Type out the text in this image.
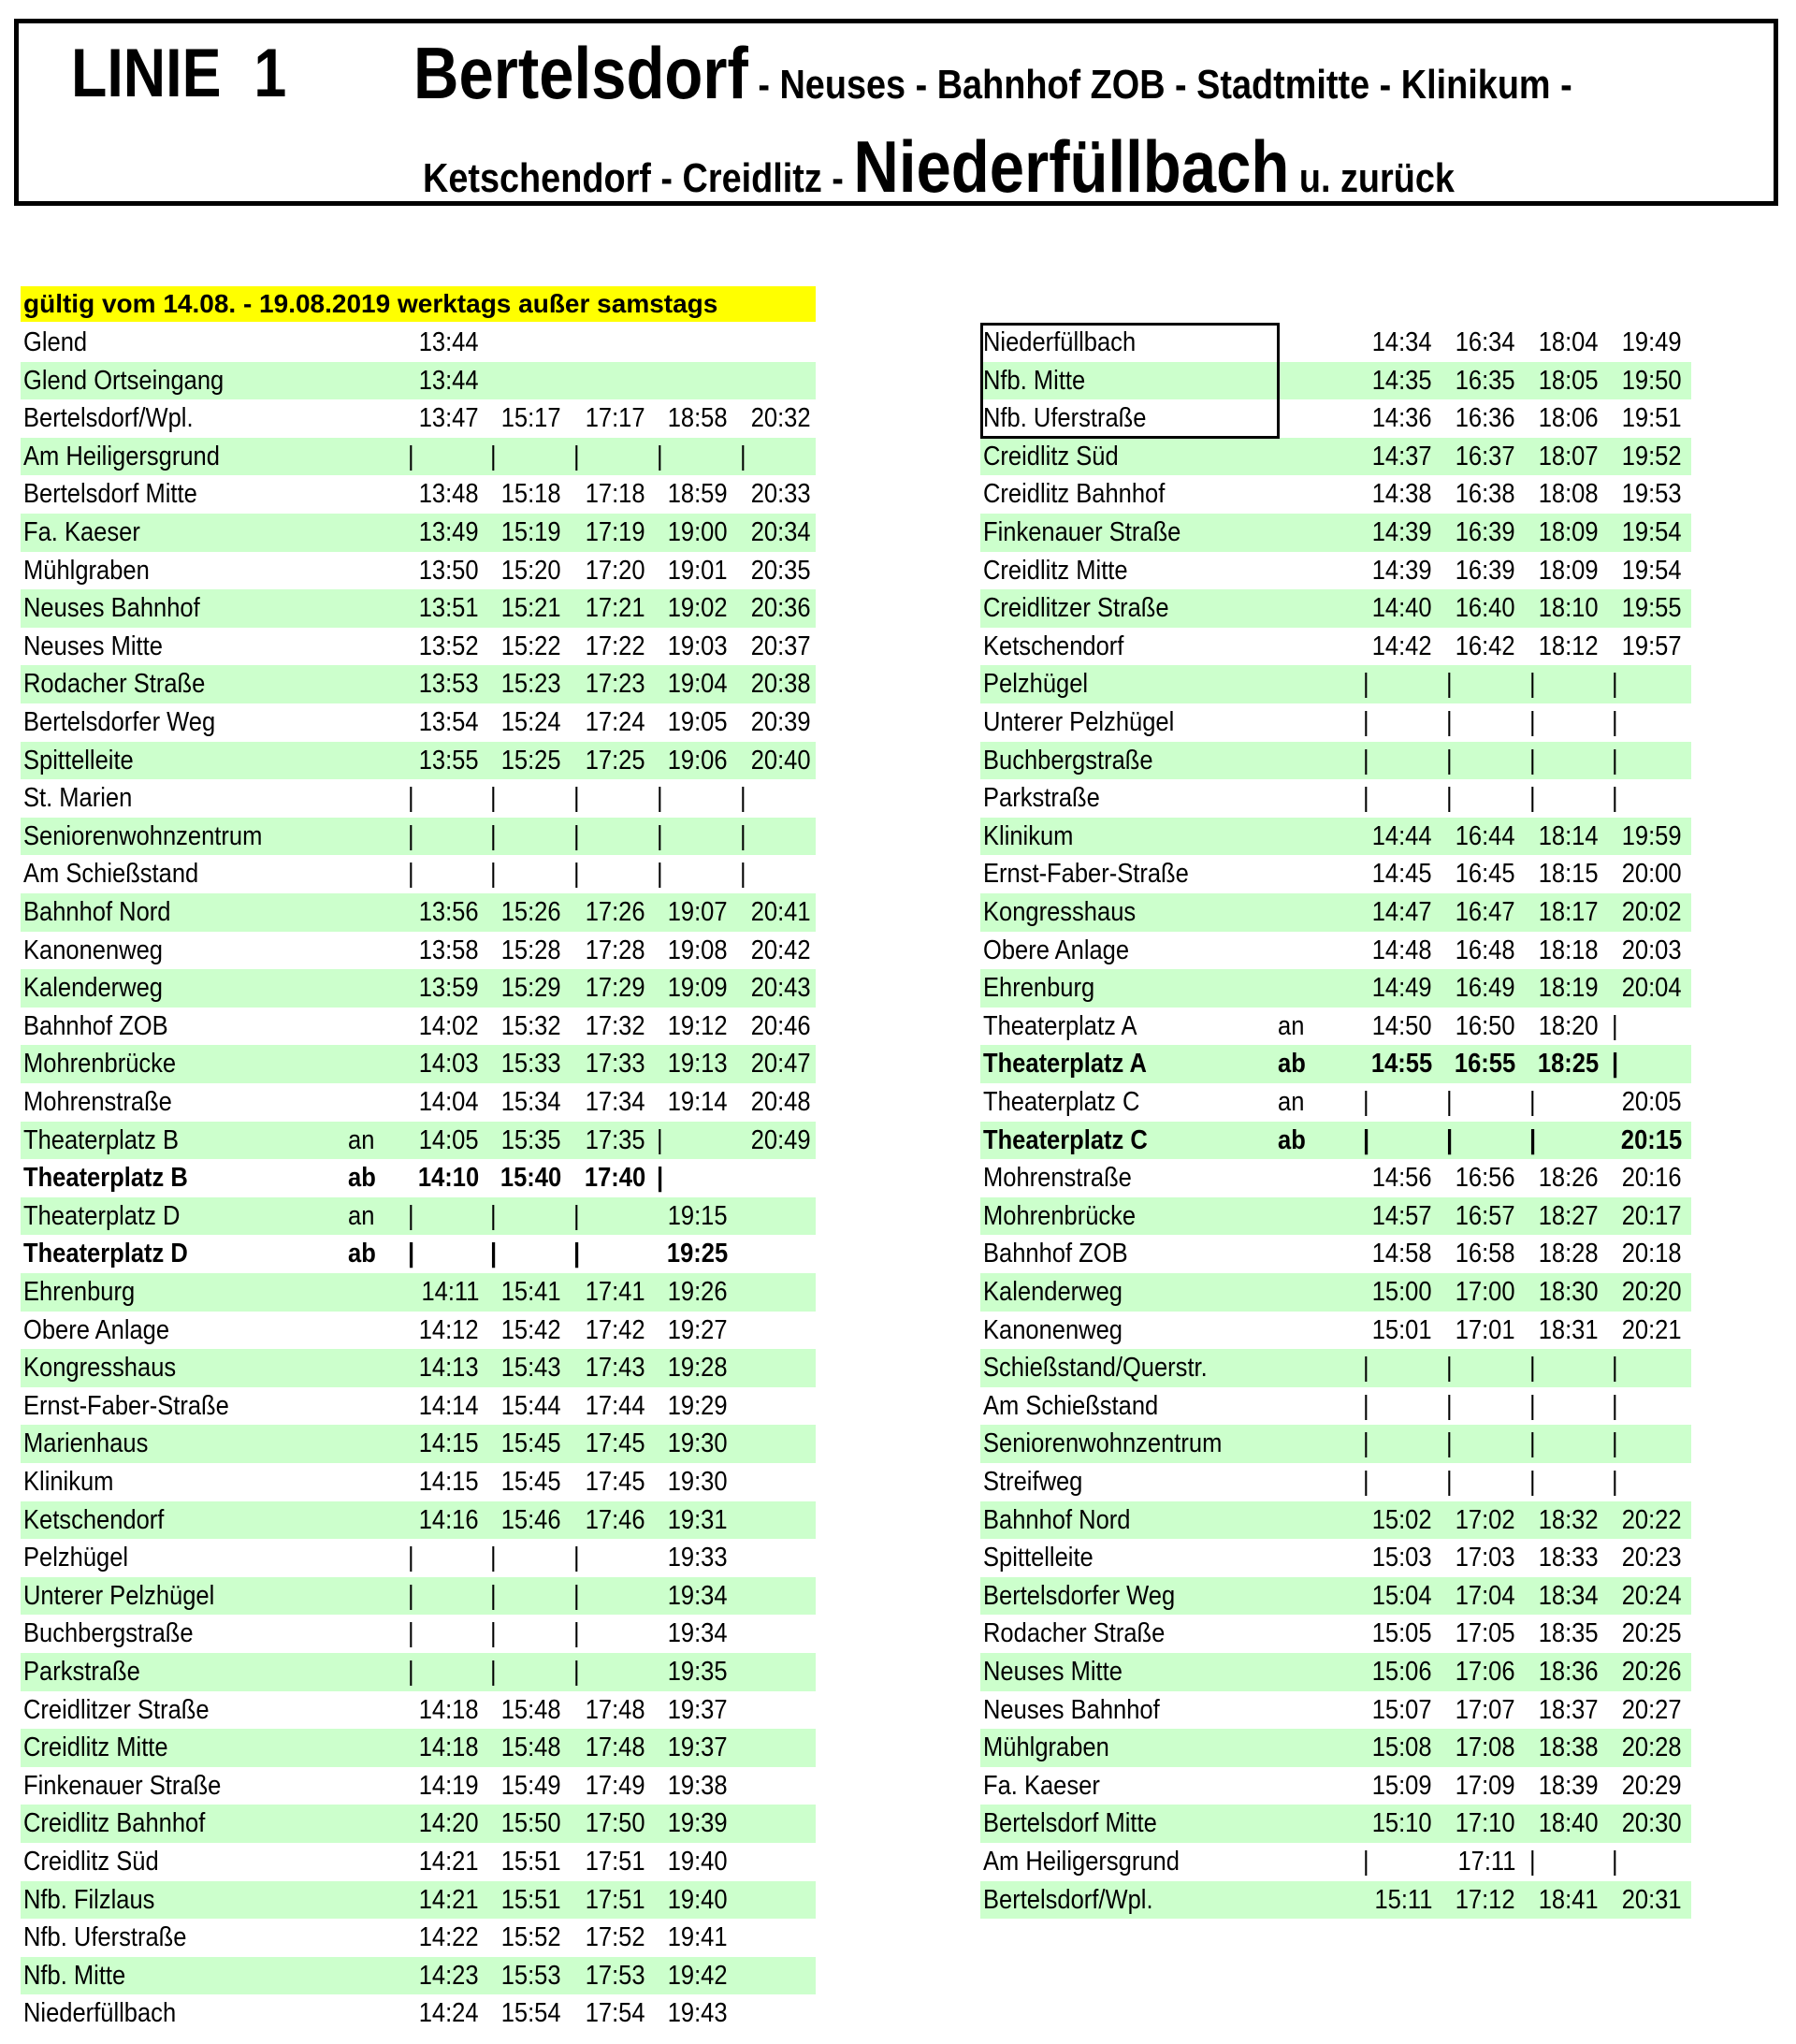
LINIE  1 Bertelsdorf - Neuses - Bahnhof ZOB - Stadtmitte - Klinikum -
Ketschendorf - Creidlitz - Niederfüllbach u. zurück
gültig vom 14.08. - 19.08.2019 werktags außer samstags
Glend	13:44
Glend Ortseingang	13:44
Bertelsdorf/Wpl.	13:47 15:17 17:17 18:58 20:32
Am Heiligersgrund	|	|	|	|	|
Bertelsdorf Mitte	13:48 15:18 17:18 18:59 20:33
Fa. Kaeser	13:49 15:19 17:19 19:00 20:34
Mühlgraben	13:50 15:20 17:20 19:01 20:35
Neuses Bahnhof	13:51 15:21 17:21 19:02 20:36
Neuses Mitte	13:52 15:22 17:22 19:03 20:37
Rodacher Straße	13:53 15:23 17:23 19:04 20:38
Bertelsdorfer Weg	13:54 15:24 17:24 19:05 20:39
Spittelleite	13:55 15:25 17:25 19:06 20:40
St. Marien	|	|	|	|	|
Seniorenwohnzentrum	|	|	|	|	|
Am Schießstand	|	|	|	|	|
Bahnhof Nord	13:56 15:26 17:26 19:07 20:41
Kanonenweg	13:58 15:28 17:28 19:08 20:42
Kalenderweg	13:59 15:29 17:29 19:09 20:43
Bahnhof ZOB	14:02 15:32 17:32 19:12 20:46
Mohrenbrücke	14:03 15:33 17:33 19:13 20:47
Mohrenstraße	14:04 15:34 17:34 19:14 20:48
Theaterplatz B	an 14:05 15:35 17:35 |	20:49
Theaterplatz B	ab 14:10 15:40 17:40 |
Theaterplatz D	an |	|	|	19:15
Theaterplatz D	ab |	|	|	19:25
Ehrenburg	14:11 15:41 17:41 19:26
Obere Anlage	14:12 15:42 17:42 19:27
Kongresshaus	14:13 15:43 17:43 19:28
Ernst-Faber-Straße	14:14 15:44 17:44 19:29
Marienhaus	14:15 15:45 17:45 19:30
Klinikum	14:15 15:45 17:45 19:30
Ketschendorf	14:16 15:46 17:46 19:31
Pelzhügel	|	|	|	19:33
Unterer Pelzhügel	|	|	|	19:34
Buchbergstraße	|	|	|	19:34
Parkstraße	|	|	|	19:35
Creidlitzer Straße	14:18 15:48 17:48 19:37
Creidlitz Mitte	14:18 15:48 17:48 19:37
Finkenauer Straße	14:19 15:49 17:49 19:38
Creidlitz Bahnhof	14:20 15:50 17:50 19:39
Creidlitz Süd	14:21 15:51 17:51 19:40
Nfb. Filzlaus	14:21 15:51 17:51 19:40
Nfb. Uferstraße	14:22 15:52 17:52 19:41
Nfb. Mitte	14:23 15:53 17:53 19:42
Niederfüllbach	14:24 15:54 17:54 19:43
Niederfüllbach	14:34 16:34 18:04 19:49
Nfb. Mitte	14:35 16:35 18:05 19:50
Nfb. Uferstraße	14:36 16:36 18:06 19:51
Creidlitz Süd	14:37 16:37 18:07 19:52
Creidlitz Bahnhof	14:38 16:38 18:08 19:53
Finkenauer Straße	14:39 16:39 18:09 19:54
Creidlitz Mitte	14:39 16:39 18:09 19:54
Creidlitzer Straße	14:40 16:40 18:10 19:55
Ketschendorf	14:42 16:42 18:12 19:57
Pelzhügel	|	|	|	|
Unterer Pelzhügel	|	|	|	|
Buchbergstraße	|	|	|	|
Parkstraße	|	|	|	|
Klinikum	14:44 16:44 18:14 19:59
Ernst-Faber-Straße	14:45 16:45 18:15 20:00
Kongresshaus	14:47 16:47 18:17 20:02
Obere Anlage	14:48 16:48 18:18 20:03
Ehrenburg	14:49 16:49 18:19 20:04
Theaterplatz A	an	14:50 16:50 18:20 |
Theaterplatz A	ab 14:55 16:55 18:25 |
Theaterplatz C	an |	|	|	20:05
Theaterplatz C	ab |	|	|	20:15
Mohrenstraße	14:56 16:56 18:26 20:16
Mohrenbrücke	14:57 16:57 18:27 20:17
Bahnhof ZOB	14:58 16:58 18:28 20:18
Kalenderweg	15:00 17:00 18:30 20:20
Kanonenweg	15:01 17:01 18:31 20:21
Schießstand/Querstr.	|	|	|	|
Am Schießstand	|	|	|	|
Seniorenwohnzentrum	|	|	|	|
Streifweg	|	|	|	|
Bahnhof Nord	15:02 17:02 18:32 20:22
Spittelleite	15:03 17:03 18:33 20:23
Bertelsdorfer Weg	15:04 17:04 18:34 20:24
Rodacher Straße	15:05 17:05 18:35 20:25
Neuses Mitte	15:06 17:06 18:36 20:26
Neuses Bahnhof	15:07 17:07 18:37 20:27
Mühlgraben	15:08 17:08 18:38 20:28
Fa. Kaeser	15:09 17:09 18:39 20:29
Bertelsdorf Mitte	15:10 17:10 18:40 20:30
Am Heiligersgrund	|	17:11 |	|
Bertelsdorf/Wpl.	15:11 17:12 18:41 20:31
